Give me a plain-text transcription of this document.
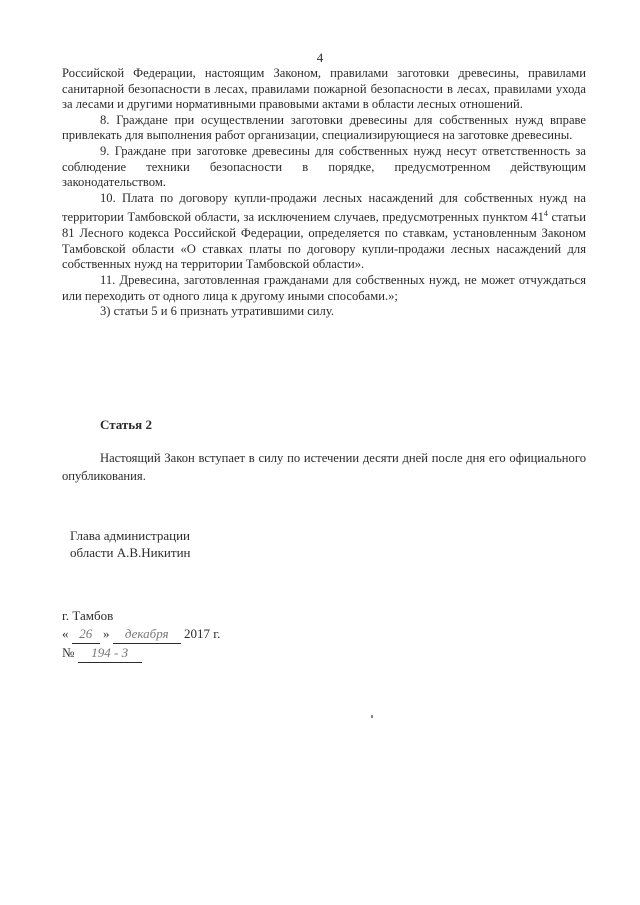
4

Российской Федерации, настоящим Законом, правилами заготовки древесины, правилами санитарной безопасности в лесах, правилами пожарной безопасности в лесах, правилами ухода за лесами и другими нормативными правовыми актами в области лесных отношений.

8. Граждане при осуществлении заготовки древесины для собственных нужд вправе привлекать для выполнения работ организации, специализирующиеся на заготовке древесины.

9. Граждане при заготовке древесины для собственных нужд несут ответственность за соблюдение техники безопасности в порядке, предусмотренном действующим законодательством.

10. Плата по договору купли-продажи лесных насаждений для собственных нужд на территории Тамбовской области, за исключением случаев, предусмотренных пунктом $41^4$ статьи 81 Лесного кодекса Российской Федерации, определяется по ставкам, установленным Законом Тамбовской области «О ставках платы по договору купли-продажи лесных насаждений для собственных нужд на территории Тамбовской области».

11. Древесина, заготовленная гражданами для собственных нужд, не может отчуждаться или переходить от одного лица к другому иными способами.»;

3) статьи 5 и 6 признать утратившими силу.

Статья 2

Настоящий Закон вступает в силу по истечении десяти дней после дня его официального опубликования.

Глава администрации
области А.В.Никитин
г. Тамбов
« 26 » декабря 2017 г.
№ 194 - З
